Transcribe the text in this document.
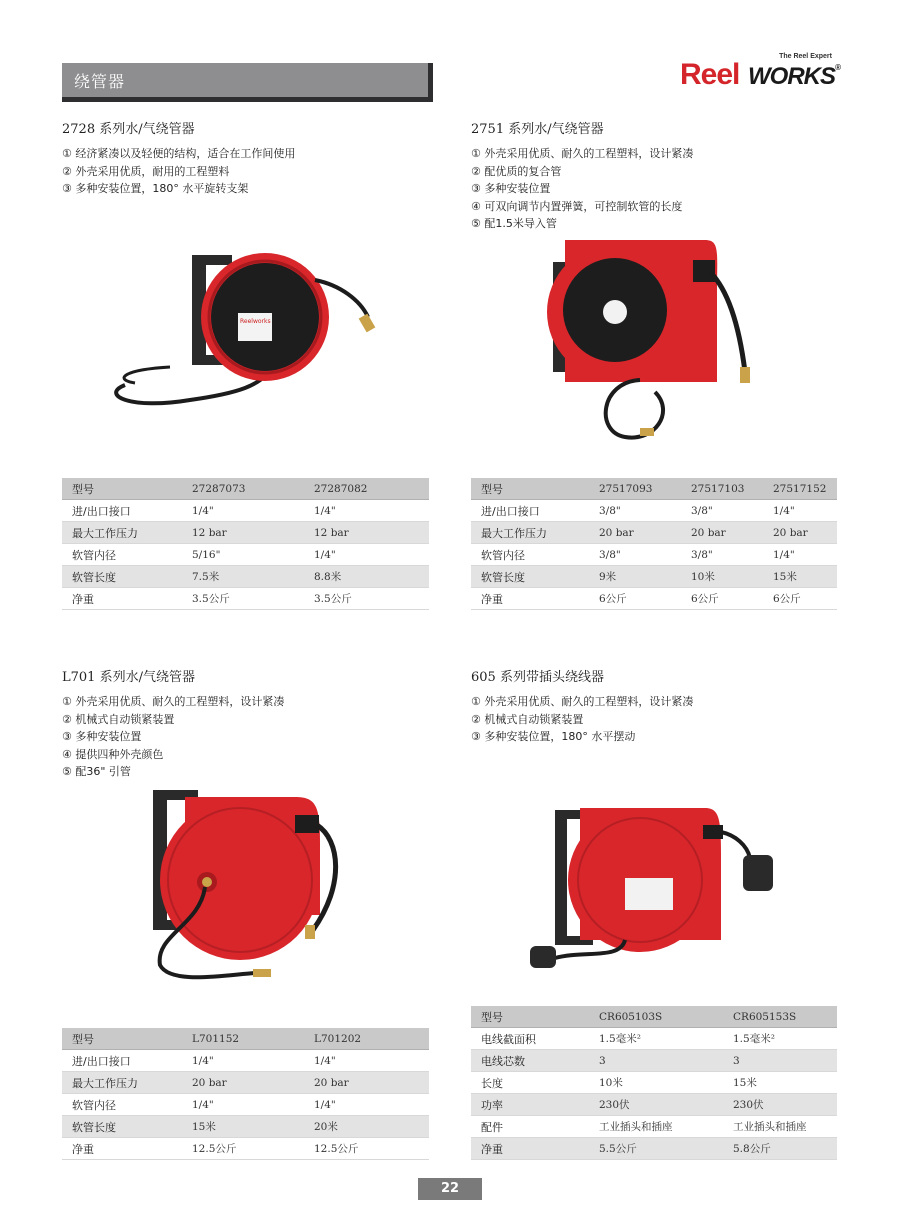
绕管器
The Reel Expert
Reel WORKS®
2728 系列水/气绕管器
① 经济紧凑以及轻便的结构，适合在工作间使用
② 外壳采用优质，耐用的工程塑料
③ 多种安装位置，180° 水平旋转支架
Reelworks
型号	27287073	27287082
进/出口接口	1/4"	1/4"
最大工作压力	12 bar	12 bar
软管内径	5/16"	1/4"
软管长度	7.5米	8.8米
净重	3.5公斤	3.5公斤
2751 系列水/气绕管器
① 外壳采用优质、耐久的工程塑料，设计紧凑
② 配优质的复合管
③ 多种安装位置
④ 可双向调节内置弹簧，可控制软管的长度
⑤ 配1.5米导入管
型号	27517093	27517103	27517152
进/出口接口	3/8"	3/8"	1/4"
最大工作压力	20 bar	20 bar	20 bar
软管内径	3/8"	3/8"	1/4"
软管长度	9米	10米	15米
净重	6公斤	6公斤	6公斤
L701 系列水/气绕管器
① 外壳采用优质、耐久的工程塑料，设计紧凑
② 机械式自动锁紧装置
③ 多种安装位置
④ 提供四种外壳颜色
⑤ 配36" 引管
型号	L701152	L701202
进/出口接口	1/4"	1/4"
最大工作压力	20 bar	20 bar
软管内径	1/4"	1/4"
软管长度	15米	20米
净重	12.5公斤	12.5公斤
605 系列带插头绕线器
① 外壳采用优质、耐久的工程塑料，设计紧凑
② 机械式自动锁紧装置
③ 多种安装位置，180° 水平摆动
型号	CR605103S	CR605153S
电线截面积	1.5毫米²	1.5毫米²
电线芯数	3	3
长度	10米	15米
功率	230伏	230伏
配件	工业插头和插座	工业插头和插座
净重	5.5公斤	5.8公斤
22
